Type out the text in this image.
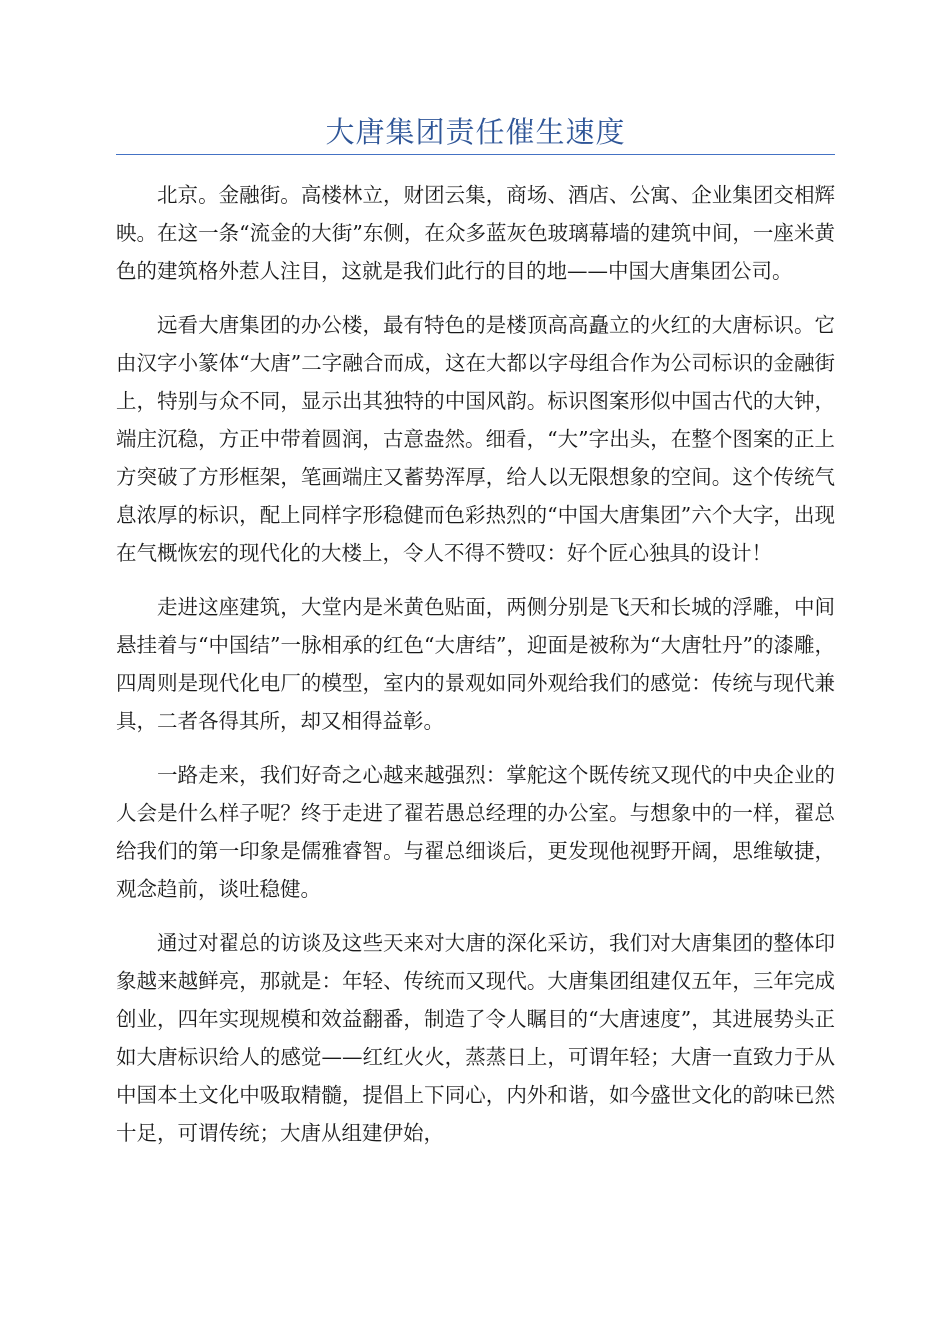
大唐集团责任催生速度

北京。金融街。高楼林立，财团云集，商场、酒店、公寓、企业集团交相辉映。在这一条“流金的大街”东侧，在众多蓝灰色玻璃幕墙的建筑中间，一座米黄色的建筑格外惹人注目，这就是我们此行的目的地——中国大唐集团公司。

远看大唐集团的办公楼，最有特色的是楼顶高高矗立的火红的大唐标识。它由汉字小篆体“大唐”二字融合而成，这在大都以字母组合作为公司标识的金融街上，特别与众不同，显示出其独特的中国风韵。标识图案形似中国古代的大钟，端庄沉稳，方正中带着圆润，古意盎然。细看，“大”字出头，在整个图案的正上方突破了方形框架，笔画端庄又蓄势浑厚，给人以无限想象的空间。这个传统气息浓厚的标识，配上同样字形稳健而色彩热烈的“中国大唐集团”六个大字，出现在气概恢宏的现代化的大楼上，令人不得不赞叹：好个匠心独具的设计！

走进这座建筑，大堂内是米黄色贴面，两侧分别是飞天和长城的浮雕，中间悬挂着与“中国结”一脉相承的红色“大唐结”，迎面是被称为“大唐牡丹”的漆雕，四周则是现代化电厂的模型，室内的景观如同外观给我们的感觉：传统与现代兼具，二者各得其所，却又相得益彰。

一路走来，我们好奇之心越来越强烈：掌舵这个既传统又现代的中央企业的人会是什么样子呢？终于走进了翟若愚总经理的办公室。与想象中的一样，翟总给我们的第一印象是儒雅睿智。与翟总细谈后，更发现他视野开阔，思维敏捷，观念趋前，谈吐稳健。

通过对翟总的访谈及这些天来对大唐的深化采访，我们对大唐集团的整体印象越来越鲜亮，那就是：年轻、传统而又现代。大唐集团组建仅五年，三年完成创业，四年实现规模和效益翻番，制造了令人瞩目的“大唐速度”，其进展势头正如大唐标识给人的感觉——红红火火，蒸蒸日上，可谓年轻；大唐一直致力于从中国本土文化中吸取精髓，提倡上下同心，内外和谐，如今盛世文化的韵味已然十足，可谓传统；大唐从组建伊始，
